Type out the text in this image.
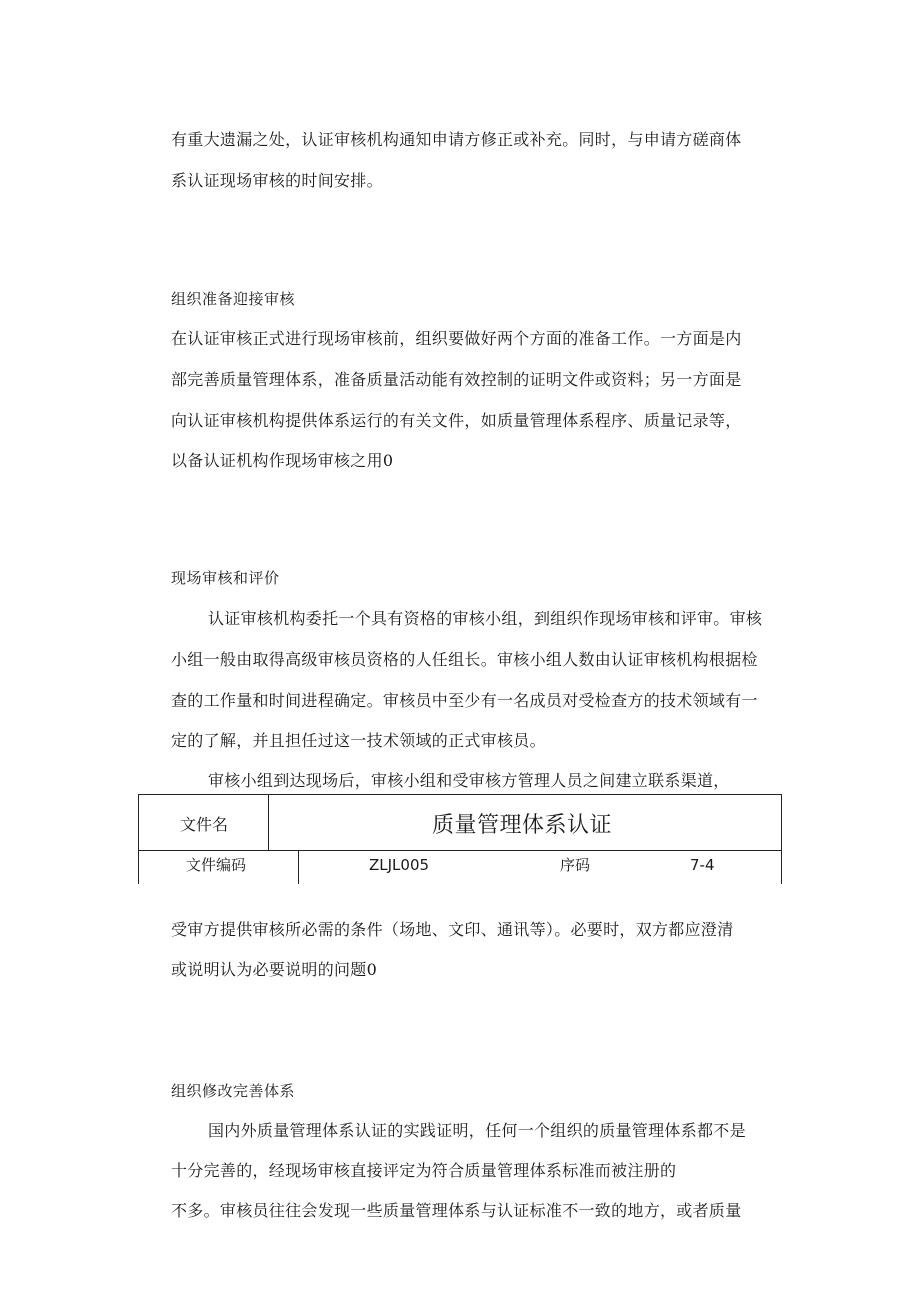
有重大遗漏之处，认证审核机构通知申请方修正或补充。同时，与申请方磋商体
系认证现场审核的时间安排。
组织准备迎接审核
在认证审核正式进行现场审核前，组织要做好两个方面的准备工作。一方面是内
部完善质量管理体系，准备质量活动能有效控制的证明文件或资料；另一方面是
向认证审核机构提供体系运行的有关文件，如质量管理体系程序、质量记录等，
以备认证机构作现场审核之用0
现场审核和评价
认证审核机构委托一个具有资格的审核小组，到组织作现场审核和评审。审核
小组一般由取得高级审核员资格的人任组长。审核小组人数由认证审核机构根据检
查的工作量和时间进程确定。审核员中至少有一名成员对受检查方的技术领域有一
定的了解，并且担任过这一技术领域的正式审核员。
审核小组到达现场后，审核小组和受审核方管理人员之间建立联系渠道，
文件名	质量管理体系认证
文件编码	ZLJL005	序码	7-4
受审方提供审核所必需的条件（场地、文印、通讯等）。必要时，双方都应澄清
或说明认为必要说明的问题0
组织修改完善体系
国内外质量管理体系认证的实践证明，任何一个组织的质量管理体系都不是
十分完善的，经现场审核直接评定为符合质量管理体系标准而被注册的
不多。审核员往往会发现一些质量管理体系与认证标准不一致的地方，或者质量
